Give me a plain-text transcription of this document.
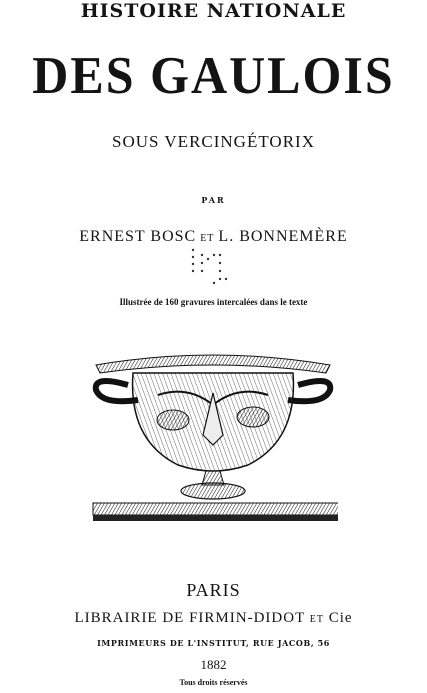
HISTOIRE NATIONALE
DES GAULOIS
SOUS VERCINGÉTORIX
PAR
ERNEST BOSC ET L. BONNEMÈRE
Illustrée de 160 gravures intercalées dans le texte
PARIS
LIBRAIRIE DE FIRMIN-DIDOT ET Cie
IMPRIMEURS DE L'INSTITUT, RUE JACOB, 56
1882
Tous droits réservés
